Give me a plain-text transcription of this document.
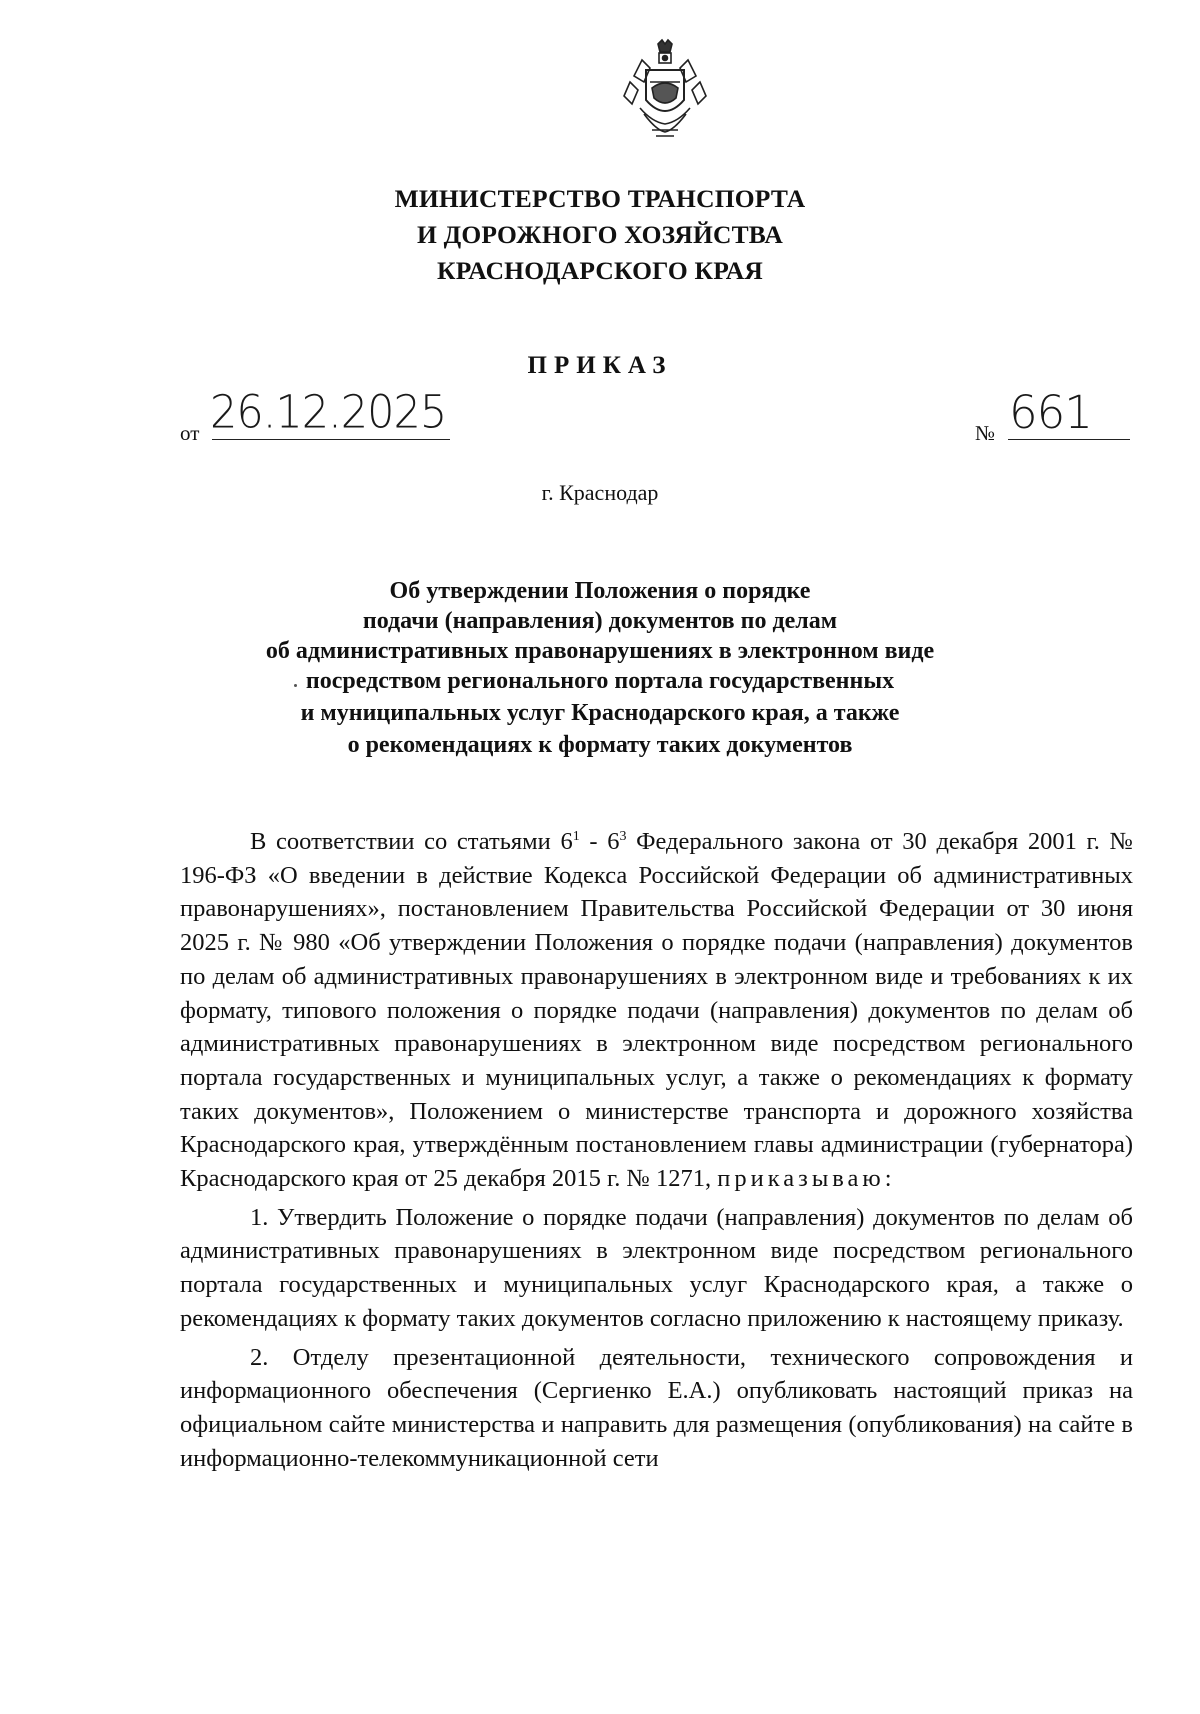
МИНИСТЕРСТВО ТРАНСПОРТА
И ДОРОЖНОГО ХОЗЯЙСТВА
КРАСНОДАРСКОГО КРАЯ
ПРИКАЗ
от 26.12.2025	№ 661
г. Краснодар
Об утверждении Положения о порядке
подачи (направления) документов по делам
об административных правонарушениях в электронном виде
посредством регионального портала государственных
и муниципальных услуг Краснодарского края, а также
о рекомендациях к формату таких документов

В соответствии со статьями $6^1 - 6^3$ Федерального закона от 30 декабря 2001 г. № 196-ФЗ «О введении в действие Кодекса Российской Федерации об административных правонарушениях», постановлением Правительства Российской Федерации от 30 июня 2025 г. № 980 «Об утверждении Положения о порядке подачи (направления) документов по делам об административных правонарушениях в электронном виде и требованиях к их формату, типового положения о порядке подачи (направления) документов по делам об административных правонарушениях в электронном виде посредством регионального портала государственных и муниципальных услуг, а также о рекомендациях к формату таких документов», Положением о министерстве транспорта и дорожного хозяйства Краснодарского края, утверждённым постановлением главы администрации (губернатора) Краснодарского края от 25 декабря 2015 г. № 1271, приказываю:

1. Утвердить Положение о порядке подачи (направления) документов по делам об административных правонарушениях в электронном виде посредством регионального портала государственных и муниципальных услуг Краснодарского края, а также о рекомендациях к формату таких документов согласно приложению к настоящему приказу.

2. Отделу презентационной деятельности, технического сопровождения и информационного обеспечения (Сергиенко Е.А.) опубликовать настоящий приказ на официальном сайте министерства и направить для размещения (опубликования) на сайте в информационно-телекоммуникационной сети
